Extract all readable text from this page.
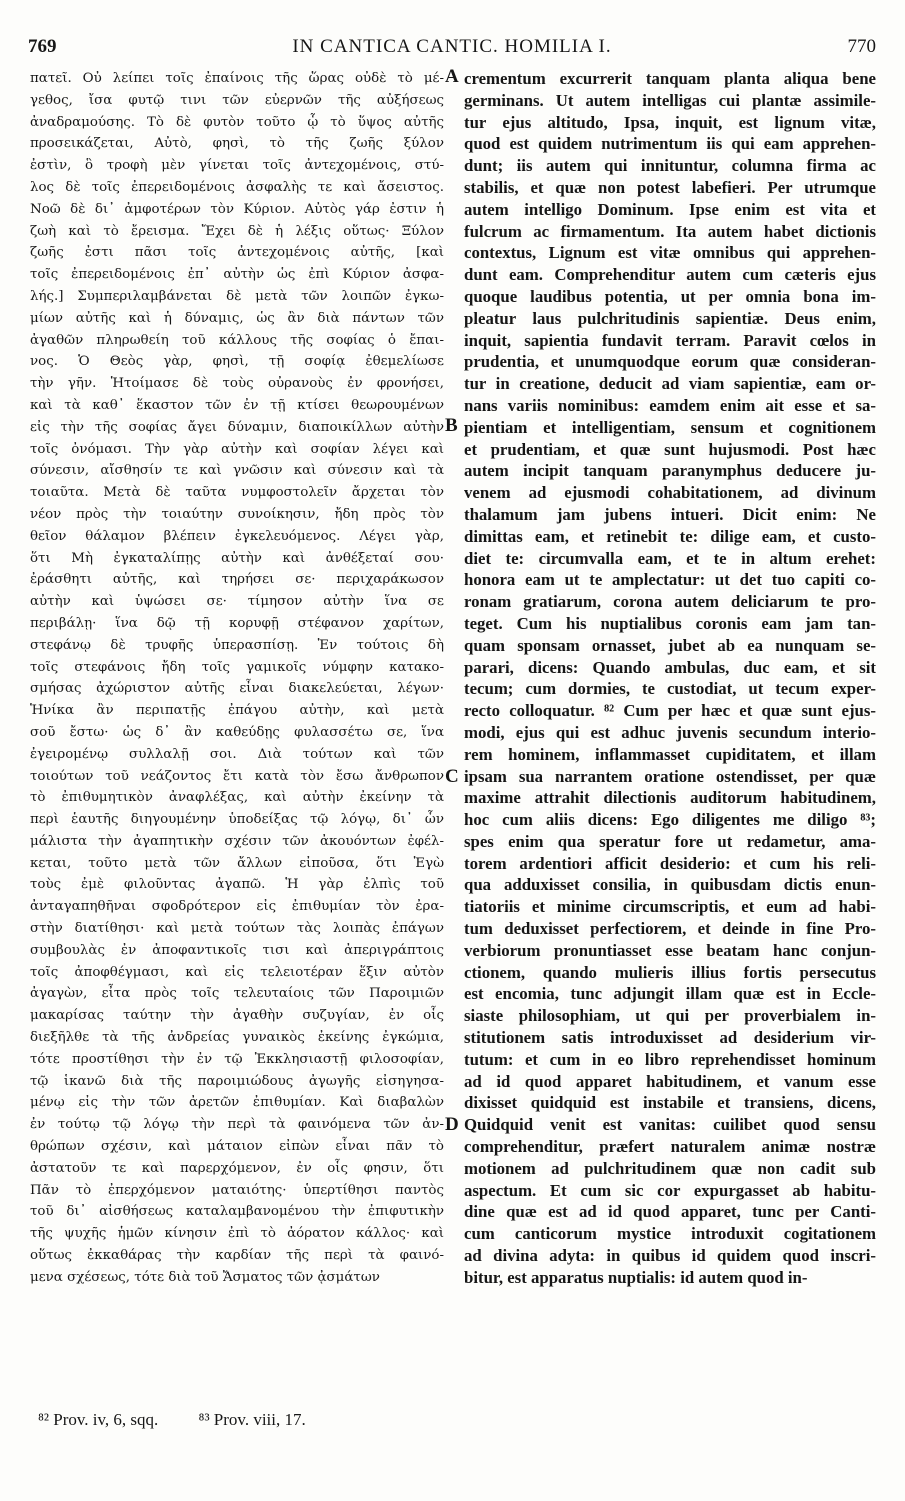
769	IN CANTICA CANTIC. HOMILIA I.	770
πατεῖ. Οὐ λείπει τοῖς ἐπαίνοις τῆς ὥρας οὐδὲ τὸ μέ-
γεθος, ἴσα φυτῷ τινι τῶν εὐερνῶν τῆς αὐξήσεως
ἀναδραμούσης. Τὸ δὲ φυτὸν τοῦτο ᾧ τὸ ὕψος αὐτῆς
προσεικάζεται, Αὐτὸ, φησὶ, τὸ τῆς ζωῆς ξύλον
ἐστὶν, ὃ τροφὴ μὲν γίνεται τοῖς ἀντεχομένοις, στύ-
λος δὲ τοῖς ἐπερειδομένοις ἀσφαλὴς τε καὶ ἄσειστος.
Νοῶ δὲ δι᾽ ἀμφοτέρων τὸν Κύριον. Αὐτὸς γάρ ἐστιν ἡ
ζωὴ καὶ τὸ ἔρεισμα. Ἔχει δὲ ἡ λέξις οὕτως· Ξύλον
ζωῆς ἐστι πᾶσι τοῖς ἀντεχομένοις αὐτῆς, [καὶ
τοῖς ἐπερειδομένοις ἐπ᾽ αὐτὴν ὡς ἐπὶ Κύριον ἀσφα-
λής.] Συμπεριλαμβάνεται δὲ μετὰ τῶν λοιπῶν ἐγκω-
μίων αὐτῆς καὶ ἡ δύναμις, ὡς ἂν διὰ πάντων τῶν
ἀγαθῶν πληρωθείη τοῦ κάλλους τῆς σοφίας ὁ ἔπαι-
νος. Ὁ Θεὸς γὰρ, φησὶ, τῇ σοφίᾳ ἐθεμελίωσε
τὴν γῆν. Ἡτοίμασε δὲ τοὺς οὐρανοὺς ἐν φρονήσει,
καὶ τὰ καθ᾽ ἕκαστον τῶν ἐν τῇ κτίσει θεωρουμένων
εἰς τὴν τῆς σοφίας ἄγει δύναμιν, διαποικίλλων αὐτὴν
τοῖς ὀνόμασι. Τὴν γὰρ αὐτὴν καὶ σοφίαν λέγει καὶ
σύνεσιν, αἴσθησίν τε καὶ γνῶσιν καὶ σύνεσιν καὶ τὰ
τοιαῦτα. Μετὰ δὲ ταῦτα νυμφοστολεῖν ἄρχεται τὸν
νέον πρὸς τὴν τοιαύτην συνοίκησιν, ἤδη πρὸς τὸν
θεῖον θάλαμον βλέπειν ἐγκελευόμενος. Λέγει γὰρ,
ὅτι Μὴ ἐγκαταλίπῃς αὐτὴν καὶ ἀνθέξεταί σου·
ἐράσθητι αὐτῆς, καὶ τηρήσει σε· περιχαράκωσον
αὐτὴν καὶ ὑψώσει σε· τίμησον αὐτὴν ἵνα σε
περιβάλῃ· ἵνα δῷ τῇ κορυφῇ στέφανον χαρίτων,
στεφάνῳ δὲ τρυφῆς ὑπερασπίσῃ. Ἐν τούτοις δὴ
τοῖς στεφάνοις ἤδη τοῖς γαμικοῖς νύμφην κατακο-
σμήσας ἀχώριστον αὐτῆς εἶναι διακελεύεται, λέγων·
Ἡνίκα ἂν περιπατῇς ἐπάγου αὐτὴν, καὶ μετὰ
σοῦ ἔστω· ὡς δ᾽ ἂν καθεύδῃς φυλασσέτω σε, ἵνα
ἐγειρομένῳ συλλαλῇ σοι. Διὰ τούτων καὶ τῶν
τοιούτων τοῦ νεάζοντος ἔτι κατὰ τὸν ἔσω ἄνθρωπον
τὸ ἐπιθυμητικὸν ἀναφλέξας, καὶ αὐτὴν ἐκείνην τὰ
περὶ ἑαυτῆς διηγουμένην ὑποδείξας τῷ λόγῳ, δι᾽ ὧν
μάλιστα τὴν ἀγαπητικὴν σχέσιν τῶν ἀκουόντων ἐφέλ-
κεται, τοῦτο μετὰ τῶν ἄλλων εἰποῦσα, ὅτι Ἐγὼ
τοὺς ἐμὲ φιλοῦντας ἀγαπῶ. Ἡ γὰρ ἐλπὶς τοῦ
ἀνταγαπηθῆναι σφοδρότερον εἰς ἐπιθυμίαν τὸν ἐρα-
στὴν διατίθησι· καὶ μετὰ τούτων τὰς λοιπὰς ἐπάγων
συμβουλὰς ἐν ἀποφαντικοῖς τισι καὶ ἀπεριγράπτοις
τοῖς ἀποφθέγμασι, καὶ εἰς τελειοτέραν ἕξιν αὐτὸν
ἀγαγὼν, εἶτα πρὸς τοῖς τελευταίοις τῶν Παροιμιῶν
μακαρίσας ταύτην τὴν ἀγαθὴν συζυγίαν, ἐν οἷς
διεξῆλθε τὰ τῆς ἀνδρείας γυναικὸς ἐκείνης ἐγκώμια,
τότε προστίθησι τὴν ἐν τῷ Ἐκκλησιαστῇ φιλοσοφίαν,
τῷ ἱκανῶ διὰ τῆς παροιμιώδους ἀγωγῆς εἰσηγησα-
μένῳ εἰς τὴν τῶν ἀρετῶν ἐπιθυμίαν. Καὶ διαβαλὼν
ἐν τούτῳ τῷ λόγῳ τὴν περὶ τὰ φαινόμενα τῶν ἀν-
θρώπων σχέσιν, καὶ μάταιον εἰπὼν εἶναι πᾶν τὸ
ἀστατοῦν τε καὶ παρερχόμενον, ἐν οἷς φησιν, ὅτι
Πᾶν τὸ ἐπερχόμενον ματαιότης· ὑπερτίθησι παντὸς
τοῦ δι᾽ αἰσθήσεως καταλαμβανομένου τὴν ἐπιφυτικὴν
τῆς ψυχῆς ἡμῶν κίνησιν ἐπὶ τὸ ἀόρατον κάλλος· καὶ
οὕτως ἐκκαθάρας τὴν καρδίαν τῆς περὶ τὰ φαινό-
μενα σχέσεως, τότε διὰ τοῦ Ἄσματος τῶν ᾀσμάτων
A
B
C
D
crementum excurrerit tanquam planta aliqua bene
germinans. Ut autem intelligas cui plantæ assimile-
tur ejus altitudo, Ipsa, inquit, est lignum vitæ,
quod est quidem nutrimentum iis qui eam apprehen-
dunt; iis autem qui innituntur, columna firma ac
stabilis, et quæ non potest labefieri. Per utrumque
autem intelligo Dominum. Ipse enim est vita et
fulcrum ac firmamentum. Ita autem habet dictionis
contextus, Lignum est vitæ omnibus qui apprehen-
dunt eam. Comprehenditur autem cum cæteris ejus
quoque laudibus potentia, ut per omnia bona im-
pleatur laus pulchritudinis sapientiæ. Deus enim,
inquit, sapientia fundavit terram. Paravit cœlos in
prudentia, et unumquodque eorum quæ consideran-
tur in creatione, deducit ad viam sapientiæ, eam or-
nans variis nominibus: eamdem enim ait esse et sa-
pientiam et intelligentiam, sensum et cognitionem
et prudentiam, et quæ sunt hujusmodi. Post hæc
autem incipit tanquam paranymphus deducere ju-
venem ad ejusmodi cohabitationem, ad divinum
thalamum jam jubens intueri. Dicit enim: Ne
dimittas eam, et retinebit te: dilige eam, et custo-
diet te: circumvalla eam, et te in altum erehet:
honora eam ut te amplectatur: ut det tuo capiti co-
ronam gratiarum, corona autem deliciarum te pro-
teget. Cum his nuptialibus coronis eam jam tan-
quam sponsam ornasset, jubet ab ea nunquam se-
parari, dicens: Quando ambulas, duc eam, et sit
tecum; cum dormies, te custodiat, ut tecum exper-
recto colloquatur. ⁸² Cum per hæc et quæ sunt ejus-
modi, ejus qui est adhuc juvenis secundum interio-
rem hominem, inflammasset cupiditatem, et illam
ipsam sua narrantem oratione ostendisset, per quæ
maxime attrahit dilectionis auditorum habitudinem,
hoc cum aliis dicens: Ego diligentes me diligo ⁸³;
spes enim qua speratur fore ut redametur, ama-
torem ardentiori afficit desiderio: et cum his reli-
qua adduxisset consilia, in quibusdam dictis enun-
tiatoriis et minime circumscriptis, et eum ad habi-
tum deduxisset perfectiorem, et deinde in fine Pro-
verbiorum pronuntiasset esse beatam hanc conjun-
ctionem, quando mulieris illius fortis persecutus
est encomia, tunc adjungit illam quæ est in Eccle-
siaste philosophiam, ut qui per proverbialem in-
stitutionem satis introduxisset ad desiderium vir-
tutum: et cum in eo libro reprehendisset hominum
ad id quod apparet habitudinem, et vanum esse
dixisset quidquid est instabile et transiens, dicens,
Quidquid venit est vanitas: cuilibet quod sensu
comprehenditur, præfert naturalem animæ nostræ
motionem ad pulchritudinem quæ non cadit sub
aspectum. Et cum sic cor expurgasset ab habitu-
dine quæ est ad id quod apparet, tunc per Canti-
cum canticorum mystice introduxit cogitationem
ad divina adyta: in quibus id quidem quod inscri-
bitur, est apparatus nuptialis: id autem quod in-
⁸² Prov. iv, 6, sqq. ⁸³ Prov. viii, 17.
